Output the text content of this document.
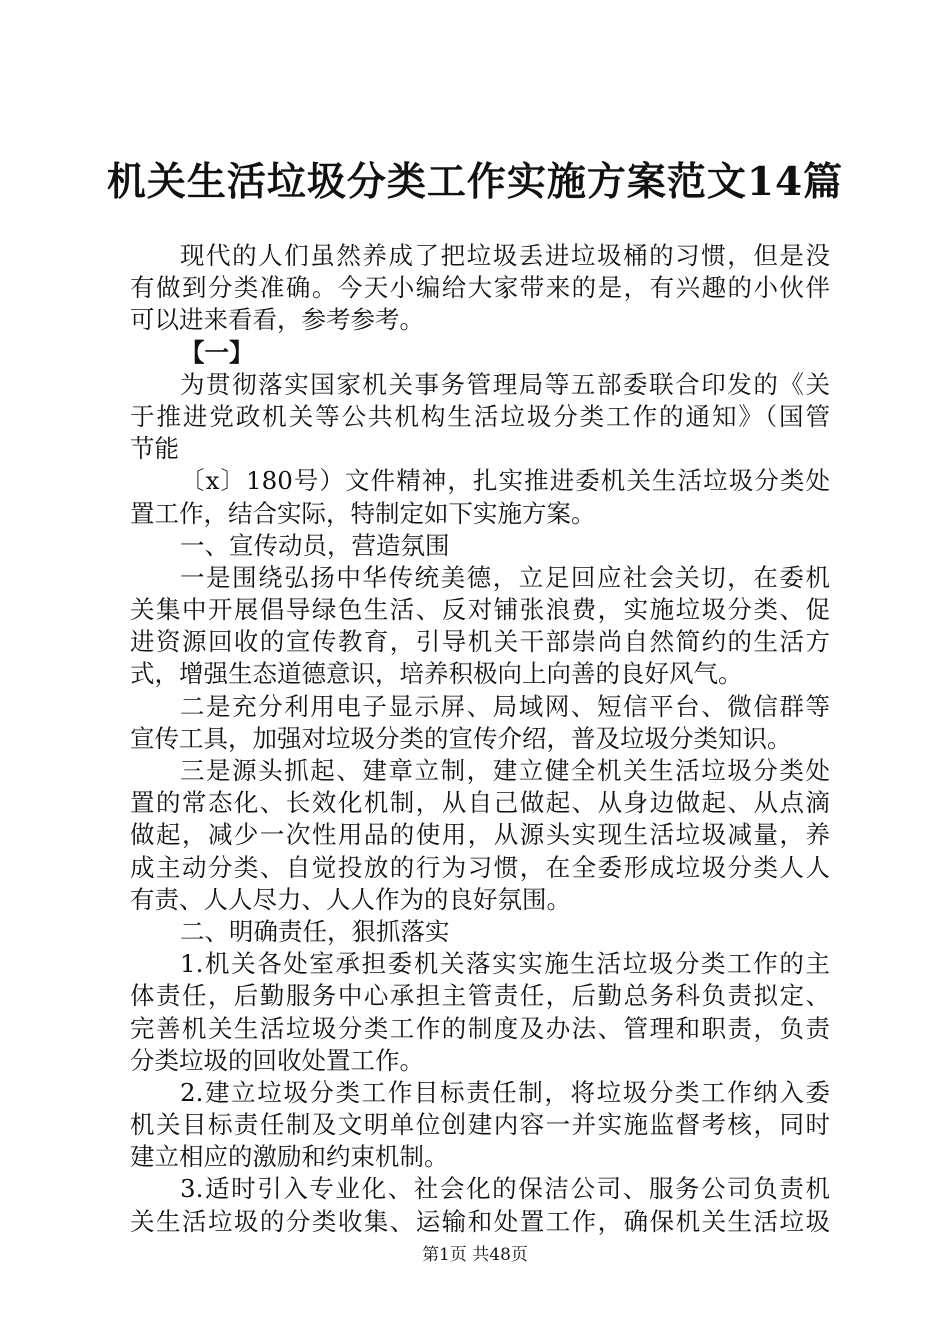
机关生活垃圾分类工作实施方案范文14篇
现代的人们虽然养成了把垃圾丢进垃圾桶的习惯，但是没
有做到分类准确。今天小编给大家带来的是，有兴趣的小伙伴
可以进来看看，参考参考。
【一】
为贯彻落实国家机关事务管理局等五部委联合印发的《关
于推进党政机关等公共机构生活垃圾分类工作的通知》（国管
节能
〔x〕180号）文件精神，扎实推进委机关生活垃圾分类处
置工作，结合实际，特制定如下实施方案。
一、宣传动员，营造氛围
一是围绕弘扬中华传统美德，立足回应社会关切，在委机
关集中开展倡导绿色生活、反对铺张浪费，实施垃圾分类、促
进资源回收的宣传教育，引导机关干部崇尚自然简约的生活方
式，增强生态道德意识，培养积极向上向善的良好风气。
二是充分利用电子显示屏、局域网、短信平台、微信群等
宣传工具，加强对垃圾分类的宣传介绍，普及垃圾分类知识。
三是源头抓起、建章立制，建立健全机关生活垃圾分类处
置的常态化、长效化机制，从自己做起、从身边做起、从点滴
做起，减少一次性用品的使用，从源头实现生活垃圾减量，养
成主动分类、自觉投放的行为习惯，在全委形成垃圾分类人人
有责、人人尽力、人人作为的良好氛围。
二、明确责任，狠抓落实
1.机关各处室承担委机关落实实施生活垃圾分类工作的主
体责任，后勤服务中心承担主管责任，后勤总务科负责拟定、
完善机关生活垃圾分类工作的制度及办法、管理和职责，负责
分类垃圾的回收处置工作。
2.建立垃圾分类工作目标责任制，将垃圾分类工作纳入委
机关目标责任制及文明单位创建内容一并实施监督考核，同时
建立相应的激励和约束机制。
3.适时引入专业化、社会化的保洁公司、服务公司负责机
关生活垃圾的分类收集、运输和处置工作，确保机关生活垃圾
第1页 共48页
